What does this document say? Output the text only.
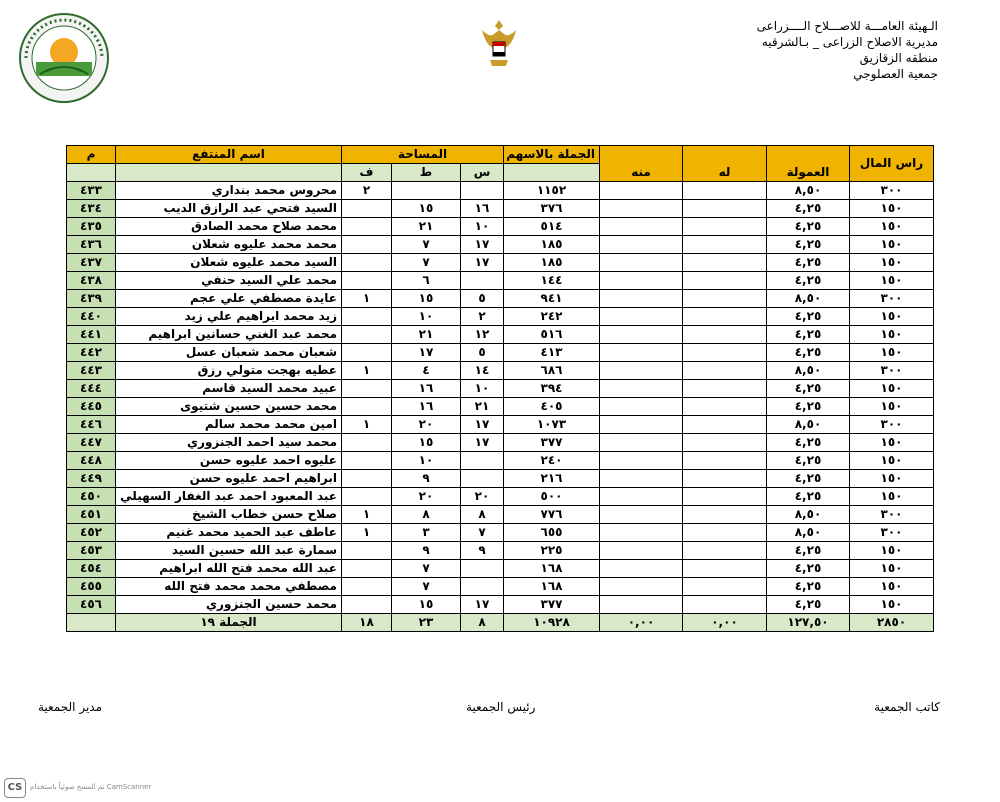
الـهيئة العامـــة للاصـــلاح الــــزراعى
مديرية الاصلاح الزراعى _ بـالشرقيه
منطقه الزقازيق
جمعية العصلوجي
راس المال	العمولة	له	منه	الجملة بالاسهم	المساحة			اسم المنتفع	م
					س	ط	ف		
٣٠٠	٨,٥٠			١١٥٢			٢	محروس محمد بنداري	٤٣٣
١٥٠	٤,٢٥			٣٧٦	١٦	١٥		السيد فتحي عبد الرازق الديب	٤٣٤
١٥٠	٤,٢٥			٥١٤	١٠	٢١		محمد صلاح محمد الصادق	٤٣٥
١٥٠	٤,٢٥			١٨٥	١٧	٧		محمد محمد عليوه شعلان	٤٣٦
١٥٠	٤,٢٥			١٨٥	١٧	٧		السيد محمد عليوه شعلان	٤٣٧
١٥٠	٤,٢٥			١٤٤		٦		محمد علي السيد حنفي	٤٣٨
٣٠٠	٨,٥٠			٩٤١	٥	١٥	١	عايدة مصطفي علي عجم	٤٣٩
١٥٠	٤,٢٥			٢٤٢	٢	١٠		زيد محمد ابراهيم علي زيد	٤٤٠
١٥٠	٤,٢٥			٥١٦	١٢	٢١		محمد عبد الغني حسانين ابراهيم	٤٤١
١٥٠	٤,٢٥			٤١٣	٥	١٧		شعبان محمد شعبان عسل	٤٤٢
٣٠٠	٨,٥٠			٦٨٦	١٤	٤	١	عطيه بهجت متولي رزق	٤٤٣
١٥٠	٤,٢٥			٣٩٤	١٠	١٦		عبيد محمد السيد قاسم	٤٤٤
١٥٠	٤,٢٥			٤٠٥	٢١	١٦		محمد حسين حسين شتيوى	٤٤٥
٣٠٠	٨,٥٠			١٠٧٣	١٧	٢٠	١	امين محمد محمد سالم	٤٤٦
١٥٠	٤,٢٥			٣٧٧	١٧	١٥		محمد سيد احمد الجنزوري	٤٤٧
١٥٠	٤,٢٥			٢٤٠		١٠		عليوه احمد عليوه حسن	٤٤٨
١٥٠	٤,٢٥			٢١٦		٩		ابراهيم احمد عليوه حسن	٤٤٩
١٥٠	٤,٢٥			٥٠٠	٢٠	٢٠		عبد المعبود احمد عبد الغفار السهيلي	٤٥٠
٣٠٠	٨,٥٠			٧٧٦	٨	٨	١	صلاح حسن خطاب الشيخ	٤٥١
٣٠٠	٨,٥٠			٦٥٥	٧	٣	١	عاطف عبد الحميد محمد غنيم	٤٥٢
١٥٠	٤,٢٥			٢٢٥	٩	٩		سمارة عبد الله حسين السيد	٤٥٣
١٥٠	٤,٢٥			١٦٨		٧		عبد الله محمد فتح الله ابراهيم	٤٥٤
١٥٠	٤,٢٥			١٦٨		٧		مصطفي محمد محمد فتح الله	٤٥٥
١٥٠	٤,٢٥			٣٧٧	١٧	١٥		محمد حسين الجنزوري	٤٥٦
٢٨٥٠	١٢٧,٥٠	٠,٠٠	٠,٠٠	١٠٩٢٨	٨	٢٣	١٨	الجملة ١٩	
كاتب الجمعية
رئيس الجمعية
مدير الجمعية
CS	تم المسح ضوئياً باستخدام CamScanner
